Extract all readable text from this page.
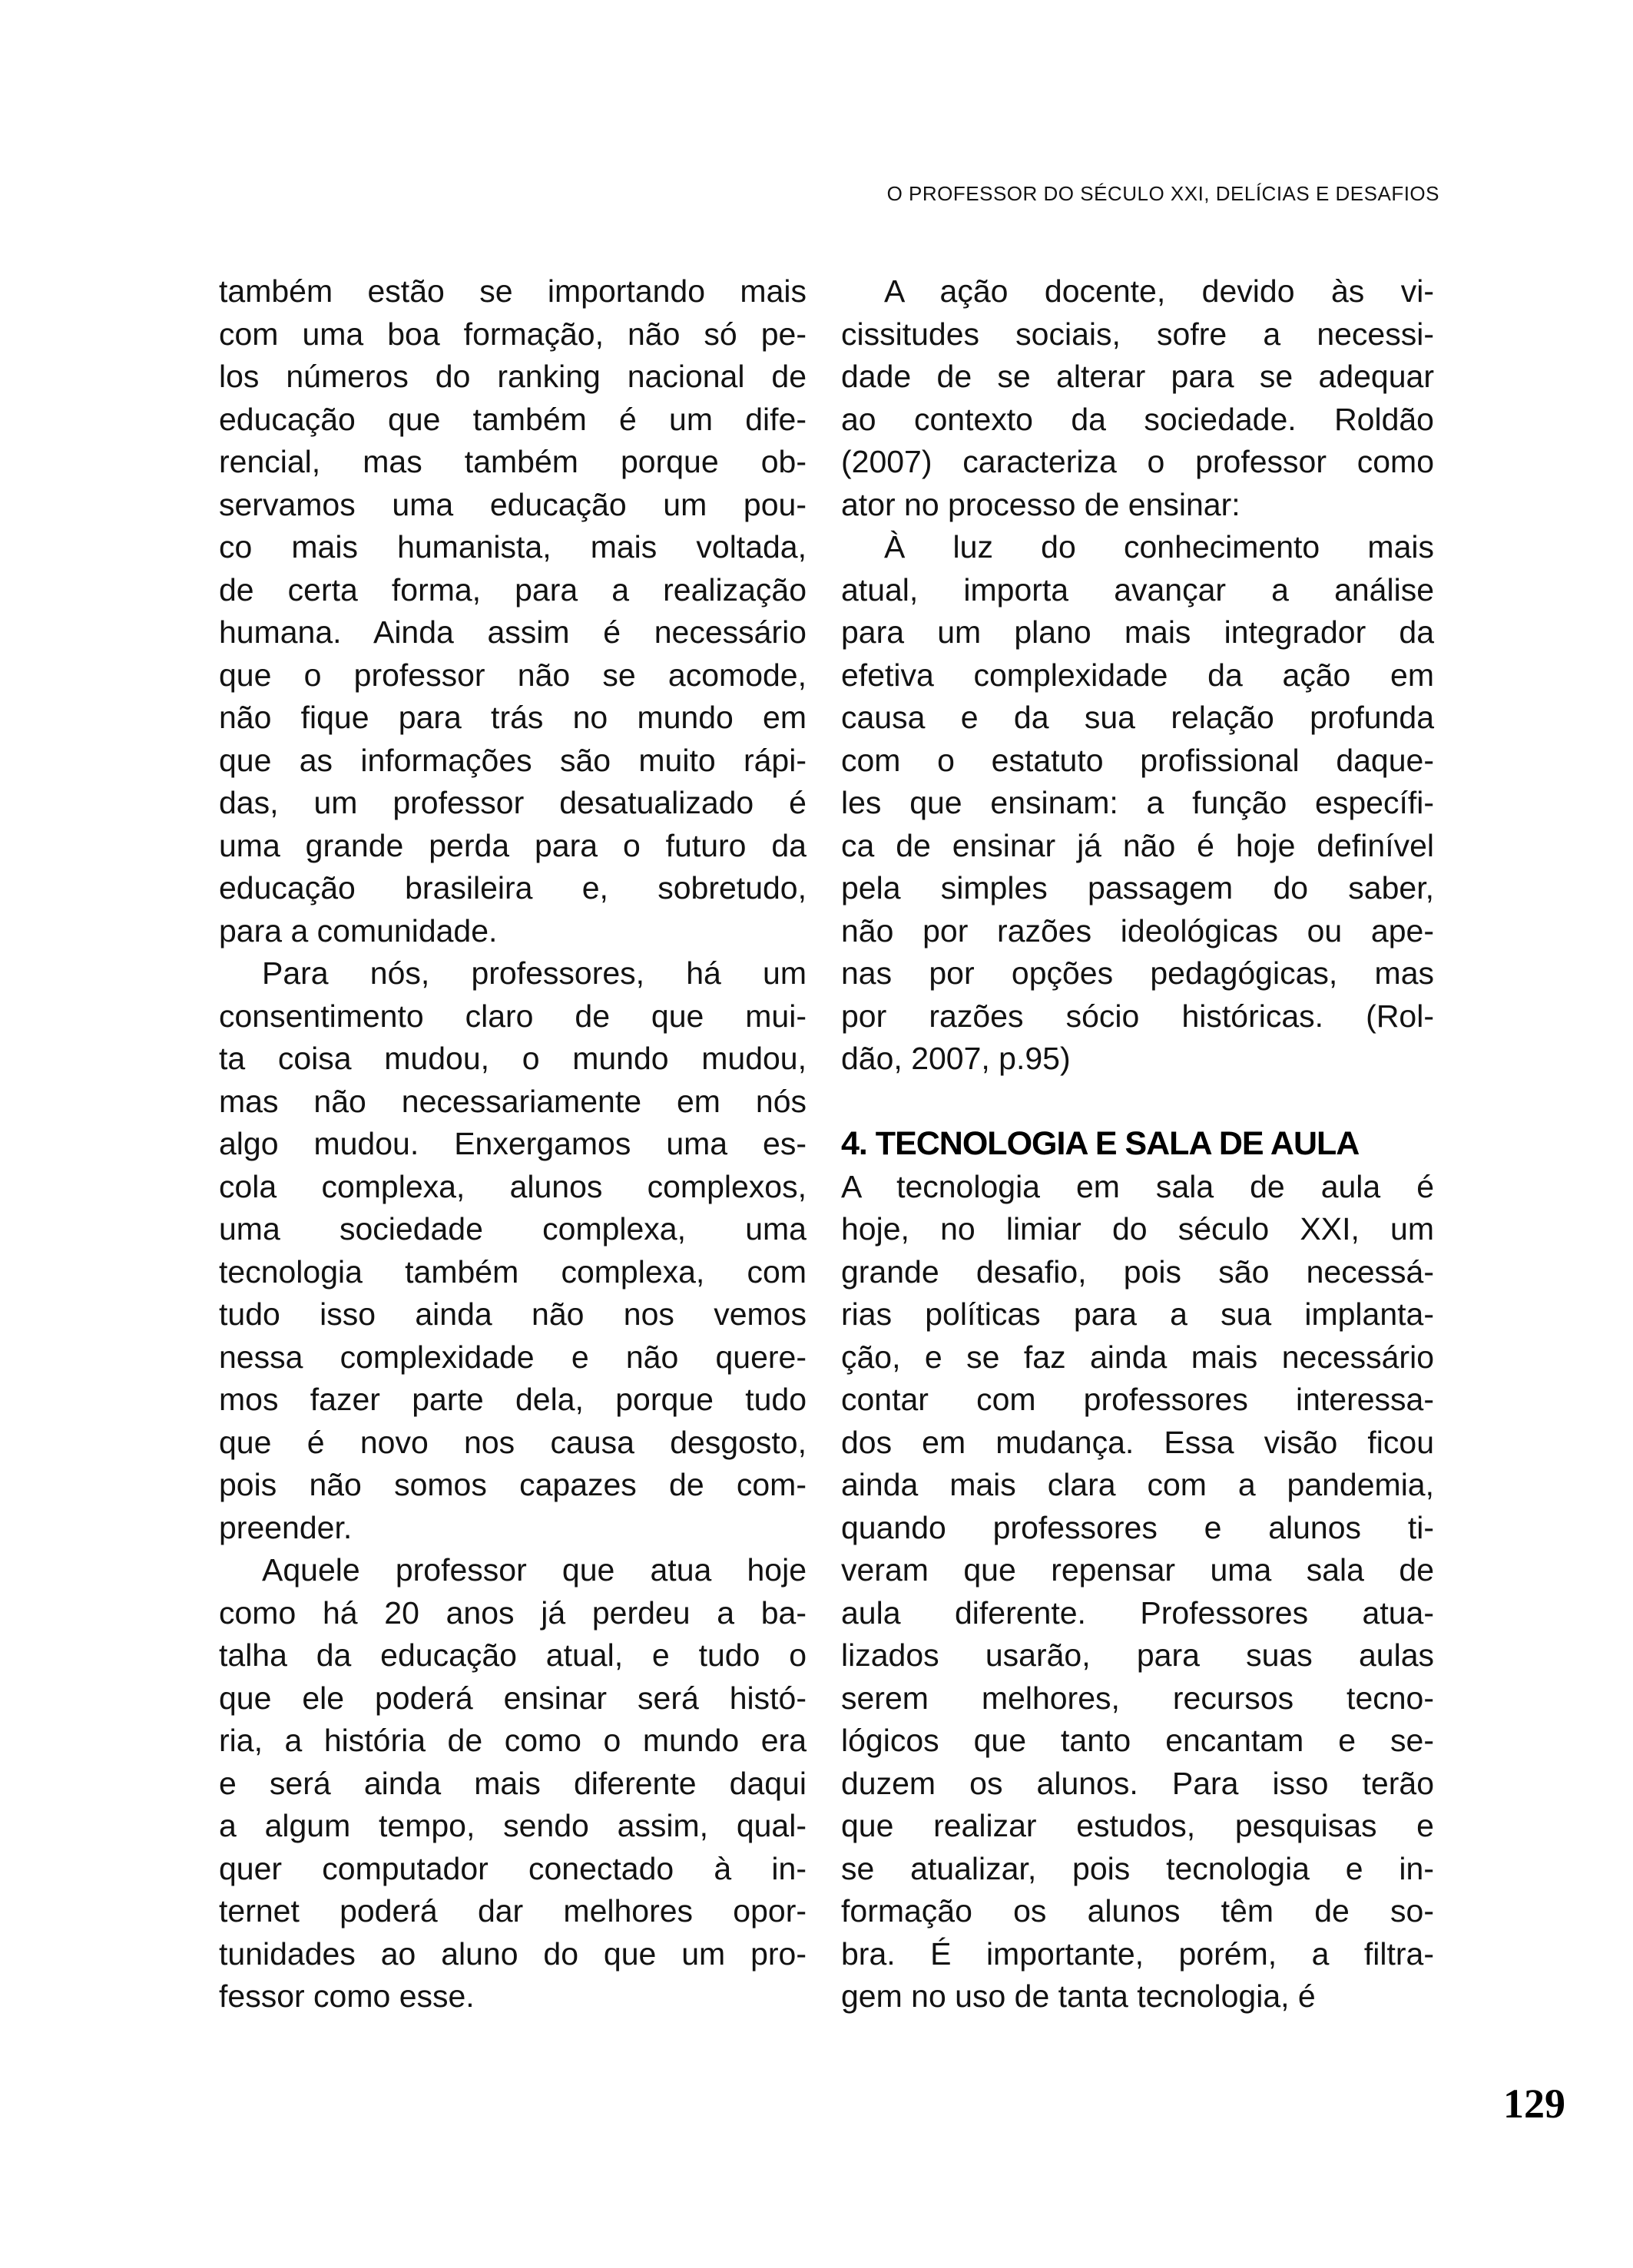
O PROFESSOR DO SÉCULO XXI, DELÍCIAS E DESAFIOS
também estão se importando mais
com uma boa formação, não só pe-
los números do ranking nacional de
educação que também é um dife-
rencial, mas também porque ob-
servamos uma educação um pou-
co mais humanista, mais voltada,
de certa forma, para a realização
humana. Ainda assim é necessário
que o professor não se acomode,
não fique para trás no mundo em
que as informações são muito rápi-
das, um professor desatualizado é
uma grande perda para o futuro da
educação brasileira e, sobretudo,
para a comunidade.
Para nós, professores, há um
consentimento claro de que mui-
ta coisa mudou, o mundo mudou,
mas não necessariamente em nós
algo mudou. Enxergamos uma es-
cola complexa, alunos complexos,
uma sociedade complexa, uma
tecnologia também complexa, com
tudo isso ainda não nos vemos
nessa complexidade e não quere-
mos fazer parte dela, porque tudo
que é novo nos causa desgosto,
pois não somos capazes de com-
preender.
Aquele professor que atua hoje
como há 20 anos já perdeu a ba-
talha da educação atual, e tudo o
que ele poderá ensinar será histó-
ria, a história de como o mundo era
e será ainda mais diferente daqui
a algum tempo, sendo assim, qual-
quer computador conectado à in-
ternet poderá dar melhores opor-
tunidades ao aluno do que um pro-
fessor como esse.
A ação docente, devido às vi-
cissitudes sociais, sofre a necessi-
dade de se alterar para se adequar
ao contexto da sociedade. Roldão
(2007) caracteriza o professor como
ator no processo de ensinar:
À luz do conhecimento mais
atual, importa avançar a análise
para um plano mais integrador da
efetiva complexidade da ação em
causa e da sua relação profunda
com o estatuto profissional daque-
les que ensinam: a função específi-
ca de ensinar já não é hoje definível
pela simples passagem do saber,
não por razões ideológicas ou ape-
nas por opções pedagógicas, mas
por razões sócio históricas. (Rol-
dão, 2007, p.95)
4. TECNOLOGIA E SALA DE AULA
A tecnologia em sala de aula é
hoje, no limiar do século XXI, um
grande desafio, pois são necessá-
rias políticas para a sua implanta-
ção, e se faz ainda mais necessário
contar com professores interessa-
dos em mudança. Essa visão ficou
ainda mais clara com a pandemia,
quando professores e alunos ti-
veram que repensar uma sala de
aula diferente. Professores atua-
lizados usarão, para suas aulas
serem melhores, recursos tecno-
lógicos que tanto encantam e se-
duzem os alunos. Para isso terão
que realizar estudos, pesquisas e
se atualizar, pois tecnologia e in-
formação os alunos têm de so-
bra. É importante, porém, a filtra-
gem no uso de tanta tecnologia, é
129
